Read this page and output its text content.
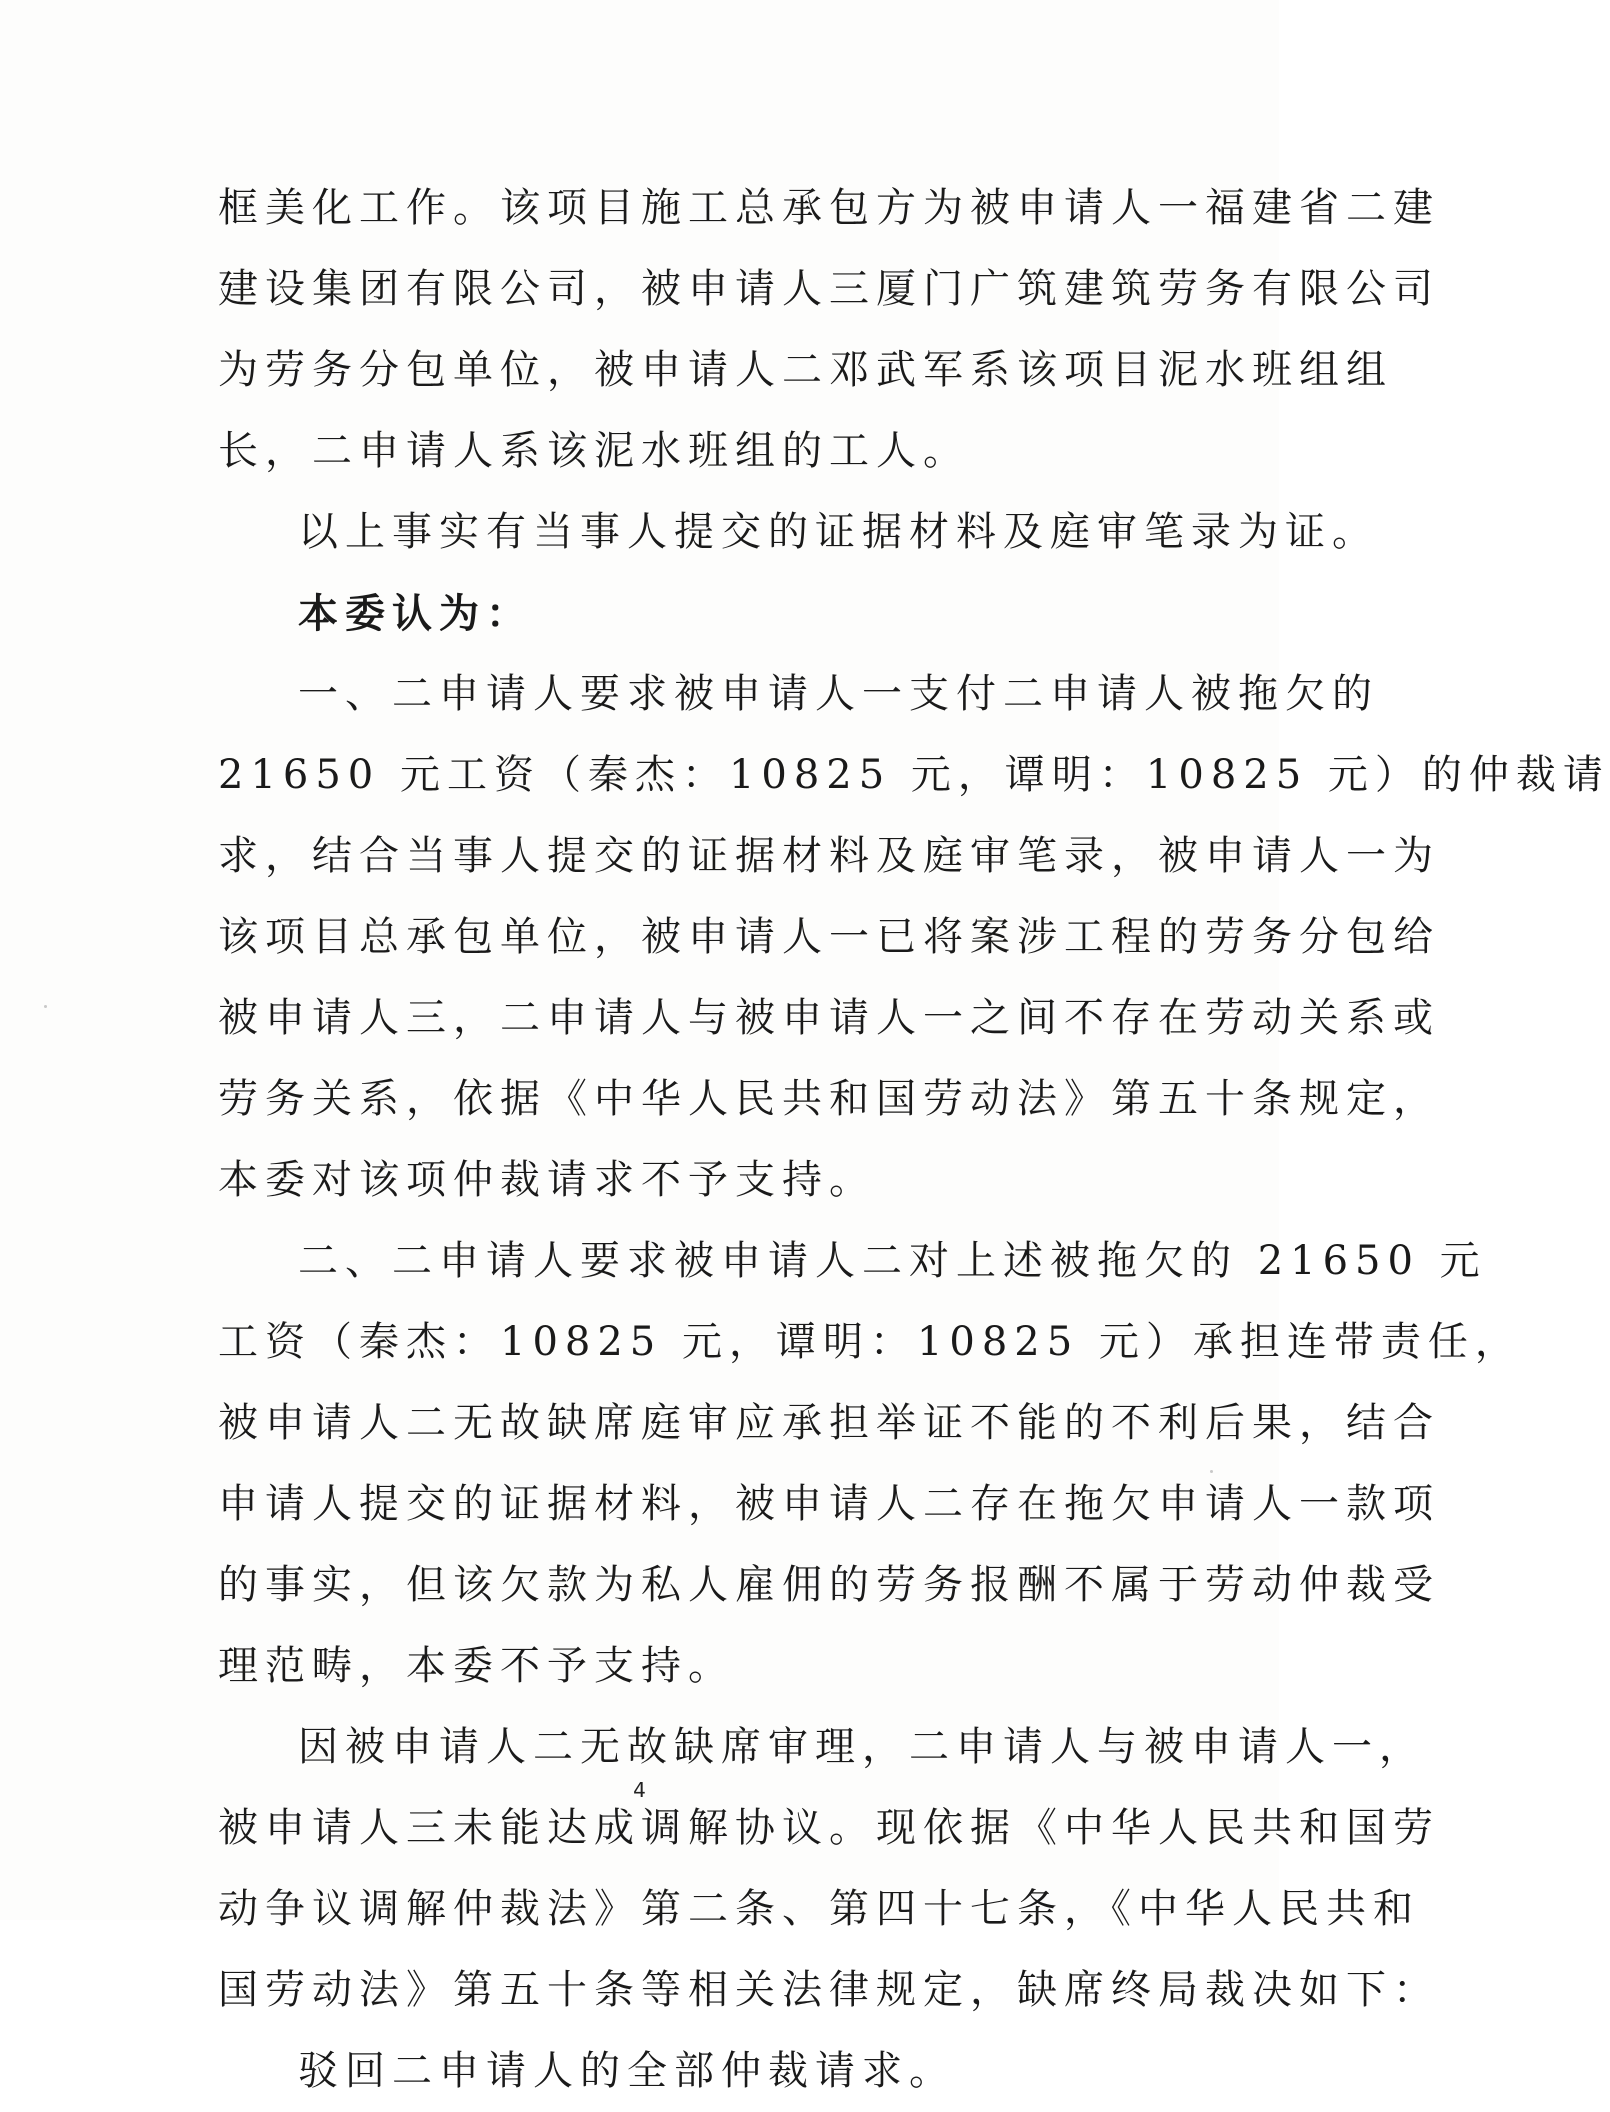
框美化工作。该项目施工总承包方为被申请人一福建省二建
建设集团有限公司，被申请人三厦门广筑建筑劳务有限公司
为劳务分包单位，被申请人二邓武军系该项目泥水班组组
长，二申请人系该泥水班组的工人。
以上事实有当事人提交的证据材料及庭审笔录为证。
本委认为：
一、二申请人要求被申请人一支付二申请人被拖欠的
21650 元工资（秦杰：10825 元，谭明：10825 元）的仲裁请
求，结合当事人提交的证据材料及庭审笔录，被申请人一为
该项目总承包单位，被申请人一已将案涉工程的劳务分包给
被申请人三，二申请人与被申请人一之间不存在劳动关系或
劳务关系，依据《中华人民共和国劳动法》第五十条规定，
本委对该项仲裁请求不予支持。
二、二申请人要求被申请人二对上述被拖欠的 21650 元
工资（秦杰：10825 元，谭明：10825 元）承担连带责任，
被申请人二无故缺席庭审应承担举证不能的不利后果，结合
申请人提交的证据材料，被申请人二存在拖欠申请人一款项
的事实，但该欠款为私人雇佣的劳务报酬不属于劳动仲裁受
理范畴，本委不予支持。
因被申请人二无故缺席审理，二申请人与被申请人一，
被申请人三未能达成调解协议。现依据《中华人民共和国劳
动争议调解仲裁法》第二条、第四十七条，《中华人民共和
国劳动法》第五十条等相关法律规定，缺席终局裁决如下：
驳回二申请人的全部仲裁请求。
4
